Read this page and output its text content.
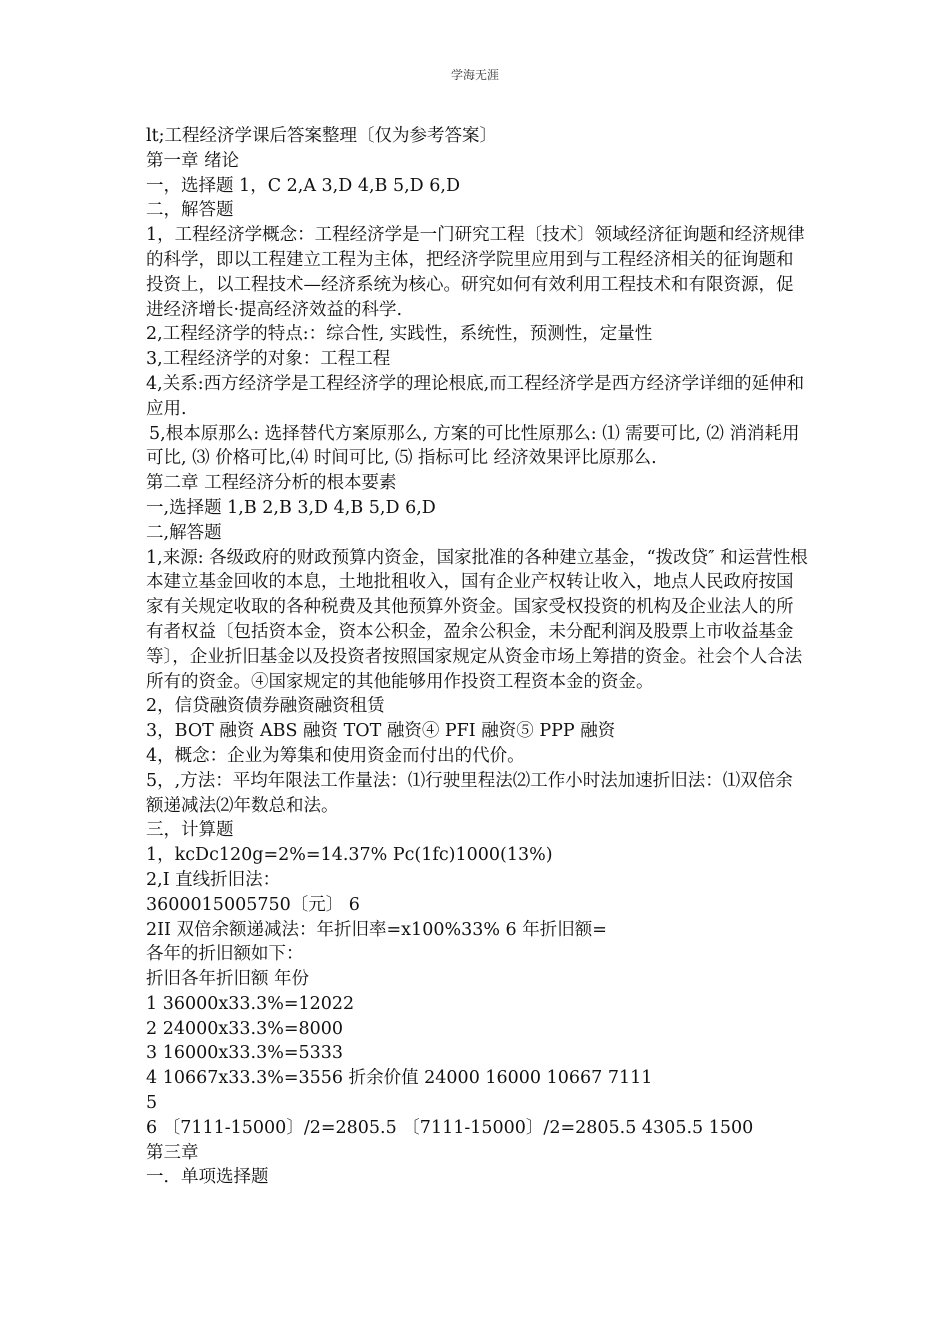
学海无涯

lt;工程经济学课后答案整理〔仅为参考答案〕

第一章 绪论

一，选择题 1，C 2,A 3,D 4,B 5,D 6,D

二，解答题

1，工程经济学概念：工程经济学是一门研究工程〔技术〕领域经济征询题和经济规律的科学，即以工程建立工程为主体，把经济学院里应用到与工程经济相关的征询题和投资上，以工程技术—经济系统为核心。研究如何有效利用工程技术和有限资源，促进经济增长·提高经济效益的科学.

2,工程经济学的特点:：综合性, 实践性，系统性，预测性，定量性

3,工程经济学的对象：工程工程

4,关系:西方经济学是工程经济学的理论根底,而工程经济学是西方经济学详细的延伸和应用.

5,根本原那么: 选择替代方案原那么, 方案的可比性原那么: ⑴ 需要可比, ⑵ 消消耗用可比, ⑶ 价格可比,⑷ 时间可比, ⑸ 指标可比 经济效果评比原那么.

第二章 工程经济分析的根本要素

一,选择题 1,B 2,B 3,D 4,B 5,D 6,D

二,解答题

1,来源: 各级政府的财政预算内资金，国家批准的各种建立基金，“拨改贷″ 和运营性根本建立基金回收的本息，土地批租收入，国有企业产权转让收入，地点人民政府按国家有关规定收取的各种税费及其他预算外资金。国家受权投资的机构及企业法人的所有者权益〔包括资本金，资本公积金，盈余公积金，未分配利润及股票上市收益基金等〕，企业折旧基金以及投资者按照国家规定从资金市场上筹措的资金。社会个人合法所有的资金。④国家规定的其他能够用作投资工程资本金的资金。

2，信贷融资债券融资融资租赁

3，BOT 融资 ABS 融资 TOT 融资④ PFI 融资⑤ PPP 融资

4，概念：企业为筹集和使用资金而付出的代价。

5，,方法：平均年限法工作量法：⑴行驶里程法⑵工作小时法加速折旧法：⑴双倍余额递减法⑵年数总和法。

三，计算题

1，kcDc120g=2%=14.37% Pc(1fc)1000(13%)

2,I 直线折旧法：

3600015005750〔元〕 6

2II 双倍余额递减法：年折旧率=x100%33% 6 年折旧额=

各年的折旧额如下：

折旧各年折旧额 年份

1 36000x33.3%=12022

2 24000x33.3%=8000

3 16000x33.3%=5333

4 10667x33.3%=3556 折余价值 24000 16000 10667 7111

5

6 〔7111-15000〕/2=2805.5 〔7111-15000〕/2=2805.5 4305.5 1500

第三章

一．单项选择题
